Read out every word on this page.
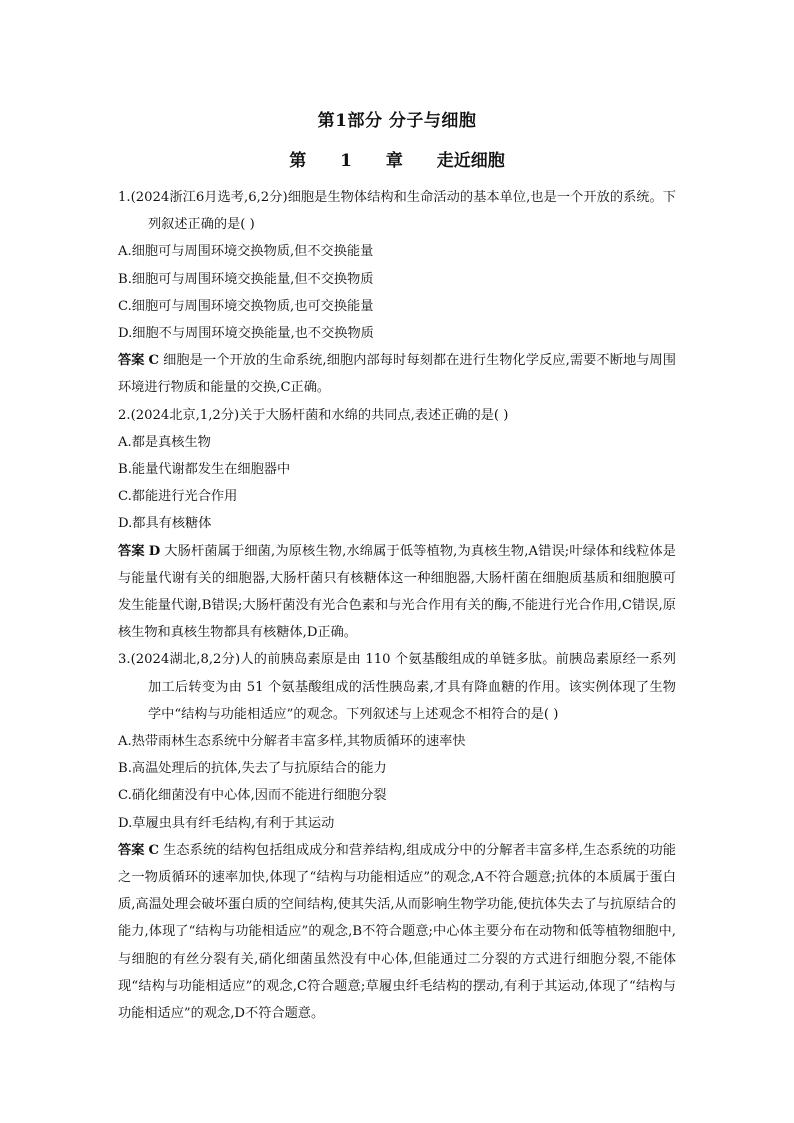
第1部分 分子与细胞
第 1 章 走近细胞
1.(2024浙江6月选考,6,2分)细胞是生物体结构和生命活动的基本单位,也是一个开放的系统。下列叙述正确的是( )
A.细胞可与周围环境交换物质,但不交换能量
B.细胞可与周围环境交换能量,但不交换物质
C.细胞可与周围环境交换物质,也可交换能量
D.细胞不与周围环境交换能量,也不交换物质
答案 C 细胞是一个开放的生命系统,细胞内部每时每刻都在进行生物化学反应,需要不断地与周围环境进行物质和能量的交换,C正确。
2.(2024北京,1,2分)关于大肠杆菌和水绵的共同点,表述正确的是( )
A.都是真核生物
B.能量代谢都发生在细胞器中
C.都能进行光合作用
D.都具有核糖体
答案 D 大肠杆菌属于细菌,为原核生物,水绵属于低等植物,为真核生物,A错误;叶绿体和线粒体是与能量代谢有关的细胞器,大肠杆菌只有核糖体这一种细胞器,大肠杆菌在细胞质基质和细胞膜可发生能量代谢,B错误;大肠杆菌没有光合色素和与光合作用有关的酶,不能进行光合作用,C错误,原核生物和真核生物都具有核糖体,D正确。
3.(2024湖北,8,2分)人的前胰岛素原是由 110 个氨基酸组成的单链多肽。前胰岛素原经一系列加工后转变为由 51 个氨基酸组成的活性胰岛素,才具有降血糖的作用。该实例体现了生物学中“结构与功能相适应”的观念。下列叙述与上述观念不相符合的是( )
A.热带雨林生态系统中分解者丰富多样,其物质循环的速率快
B.高温处理后的抗体,失去了与抗原结合的能力
C.硝化细菌没有中心体,因而不能进行细胞分裂
D.草履虫具有纤毛结构,有利于其运动
答案 C 生态系统的结构包括组成成分和营养结构,组成成分中的分解者丰富多样,生态系统的功能之一物质循环的速率加快,体现了“结构与功能相适应”的观念,A不符合题意;抗体的本质属于蛋白质,高温处理会破坏蛋白质的空间结构,使其失活,从而影响生物学功能,使抗体失去了与抗原结合的能力,体现了“结构与功能相适应”的观念,B不符合题意;中心体主要分布在动物和低等植物细胞中,与细胞的有丝分裂有关,硝化细菌虽然没有中心体,但能通过二分裂的方式进行细胞分裂,不能体现“结构与功能相适应”的观念,C符合题意;草履虫纤毛结构的摆动,有利于其运动,体现了“结构与功能相适应”的观念,D不符合题意。
